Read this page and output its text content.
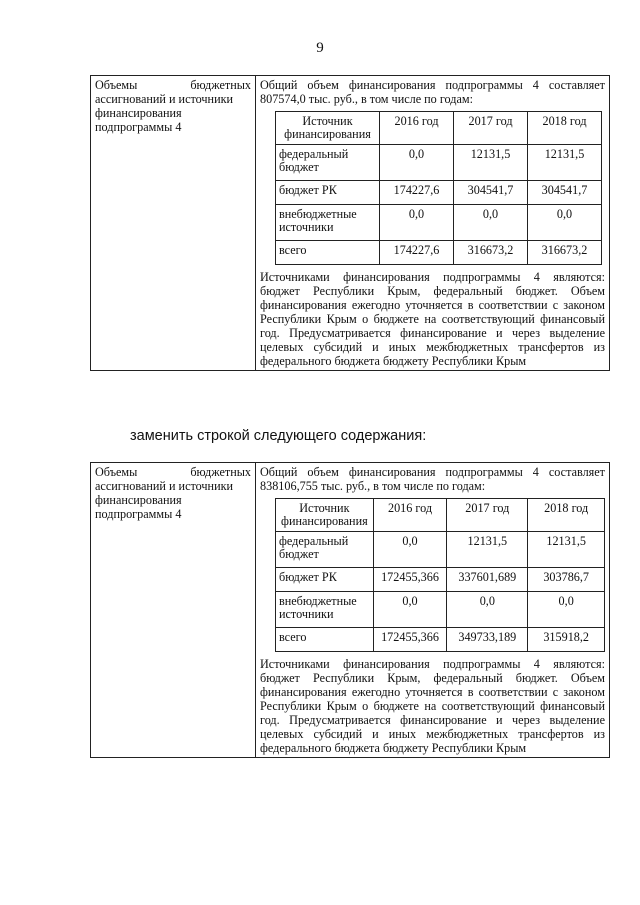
9
Объемы	бюджетных
ассигнований и источники
финансирования
подпрограммы 4

Общий объем финансирования подпрограммы 4 составляет
807574,0 тыс. руб., в том числе по годам:
Источник финансирования	2016 год	2017 год	2018 год
федеральный бюджет	0,0	12131,5	12131,5
бюджет РК	174227,6	304541,7	304541,7
внебюджетные источники	0,0	0,0	0,0
всего	174227,6	316673,2	316673,2
Источниками финансирования подпрограммы 4 являются: бюджет Республики Крым, федеральный бюджет. Объем финансирования ежегодно уточняется в соответствии с законом Республики Крым о бюджете на соответствующий финансовый год. Предусматривается финансирование и через выделение целевых субсидий и иных межбюджетных трансфертов из федерального бюджета бюджету Республики Крым
заменить строкой следующего содержания:
Объемы	бюджетных
ассигнований и источники
финансирования
подпрограммы 4

Общий объем финансирования подпрограммы 4 составляет
838106,755 тыс. руб., в том числе по годам:
Источник финансирования	2016 год	2017 год	2018 год
федеральный бюджет	0,0	12131,5	12131,5
бюджет РК	172455,366	337601,689	303786,7
внебюджетные источники	0,0	0,0	0,0
всего	172455,366	349733,189	315918,2
Источниками финансирования подпрограммы 4 являются: бюджет Республики Крым, федеральный бюджет. Объем финансирования ежегодно уточняется в соответствии с законом Республики Крым о бюджете на соответствующий финансовый год. Предусматривается финансирование и через выделение целевых субсидий и иных межбюджетных трансфертов из федерального бюджета бюджету Республики Крым
